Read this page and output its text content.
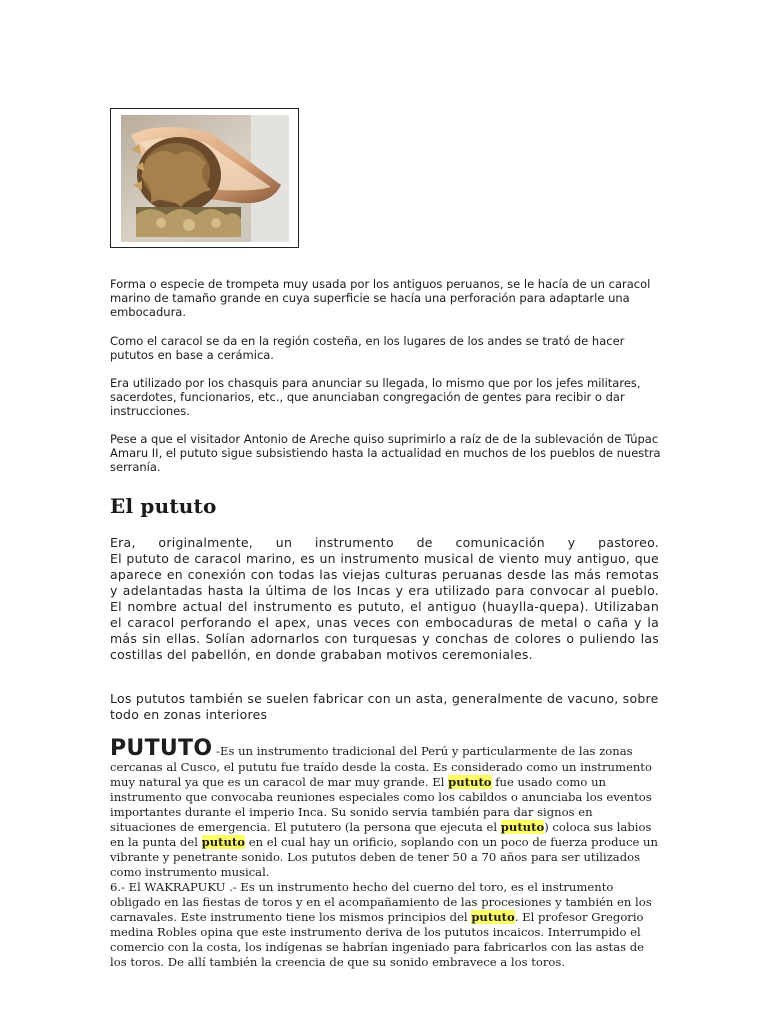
Forma o especie de trompeta muy usada por los antiguos peruanos, se le hacía de un caracol marino de tamaño grande en cuya superficie se hacía una perforación para adaptarle una embocadura.

Como el caracol se da en la región costeña, en los lugares de los andes se trató de hacer pututos en base a cerámica.

Era utilizado por los chasquis para anunciar su llegada, lo mismo que por los jefes militares, sacerdotes, funcionarios, etc., que anunciaban congregación de gentes para recibir o dar instrucciones.

Pese a que el visitador Antonio de Areche quiso suprimirlo a raíz de de la sublevación de Túpac Amaru II, el pututo sigue subsistiendo hasta la actualidad en muchos de los pueblos de nuestra serranía.

El pututo

Era, originalmente, un instrumento de comunicación y pastoreo.
El pututo de caracol marino, es un instrumento musical de viento muy antiguo, que aparece en conexión con todas las viejas culturas peruanas desde las más remotas y adelantadas hasta la última de los Incas y era utilizado para convocar al pueblo. El nombre actual del instrumento es pututo, el antiguo (huaylla-quepa). Utilizaban el caracol perforando el apex, unas veces con embocaduras de metal o caña y la más sin ellas. Solían adornarlos con turquesas y conchas de colores o puliendo las costillas del pabellón, en donde grababan motivos ceremoniales.

Los pututos también se suelen fabricar con un asta, generalmente de vacuno, sobre todo en zonas interiores

PUTUTO -Es un instrumento tradicional del Perú y particularmente de las zonas cercanas al Cusco, el pututu fue traído desde la costa. Es considerado como un instrumento muy natural ya que es un caracol de mar muy grande. El pututo fue usado como un instrumento que convocaba reuniones especiales como los cabildos o anunciaba los eventos importantes durante el imperio Inca. Su sonido servia también para dar signos en situaciones de emergencia. El pututero (la persona que ejecuta el pututo) coloca sus labios en la punta del pututo en el cual hay un orificio, soplando con un poco de fuerza produce un vibrante y penetrante sonido. Los pututos deben de tener 50 a 70 años para ser utilizados como instrumento musical.
6.- El WAKRAPUKU .- Es un instrumento hecho del cuerno del toro, es el instrumento obligado en las fiestas de toros y en el acompañamiento de las procesiones y también en los carnavales. Este instrumento tiene los mismos principios del pututo. El profesor Gregorio medina Robles opina que este instrumento deriva de los pututos incaicos. Interrumpido el comercio con la costa, los indígenas se habrían ingeniado para fabricarlos con las astas de los toros. De allí también la creencia de que su sonido embravece a los toros.
